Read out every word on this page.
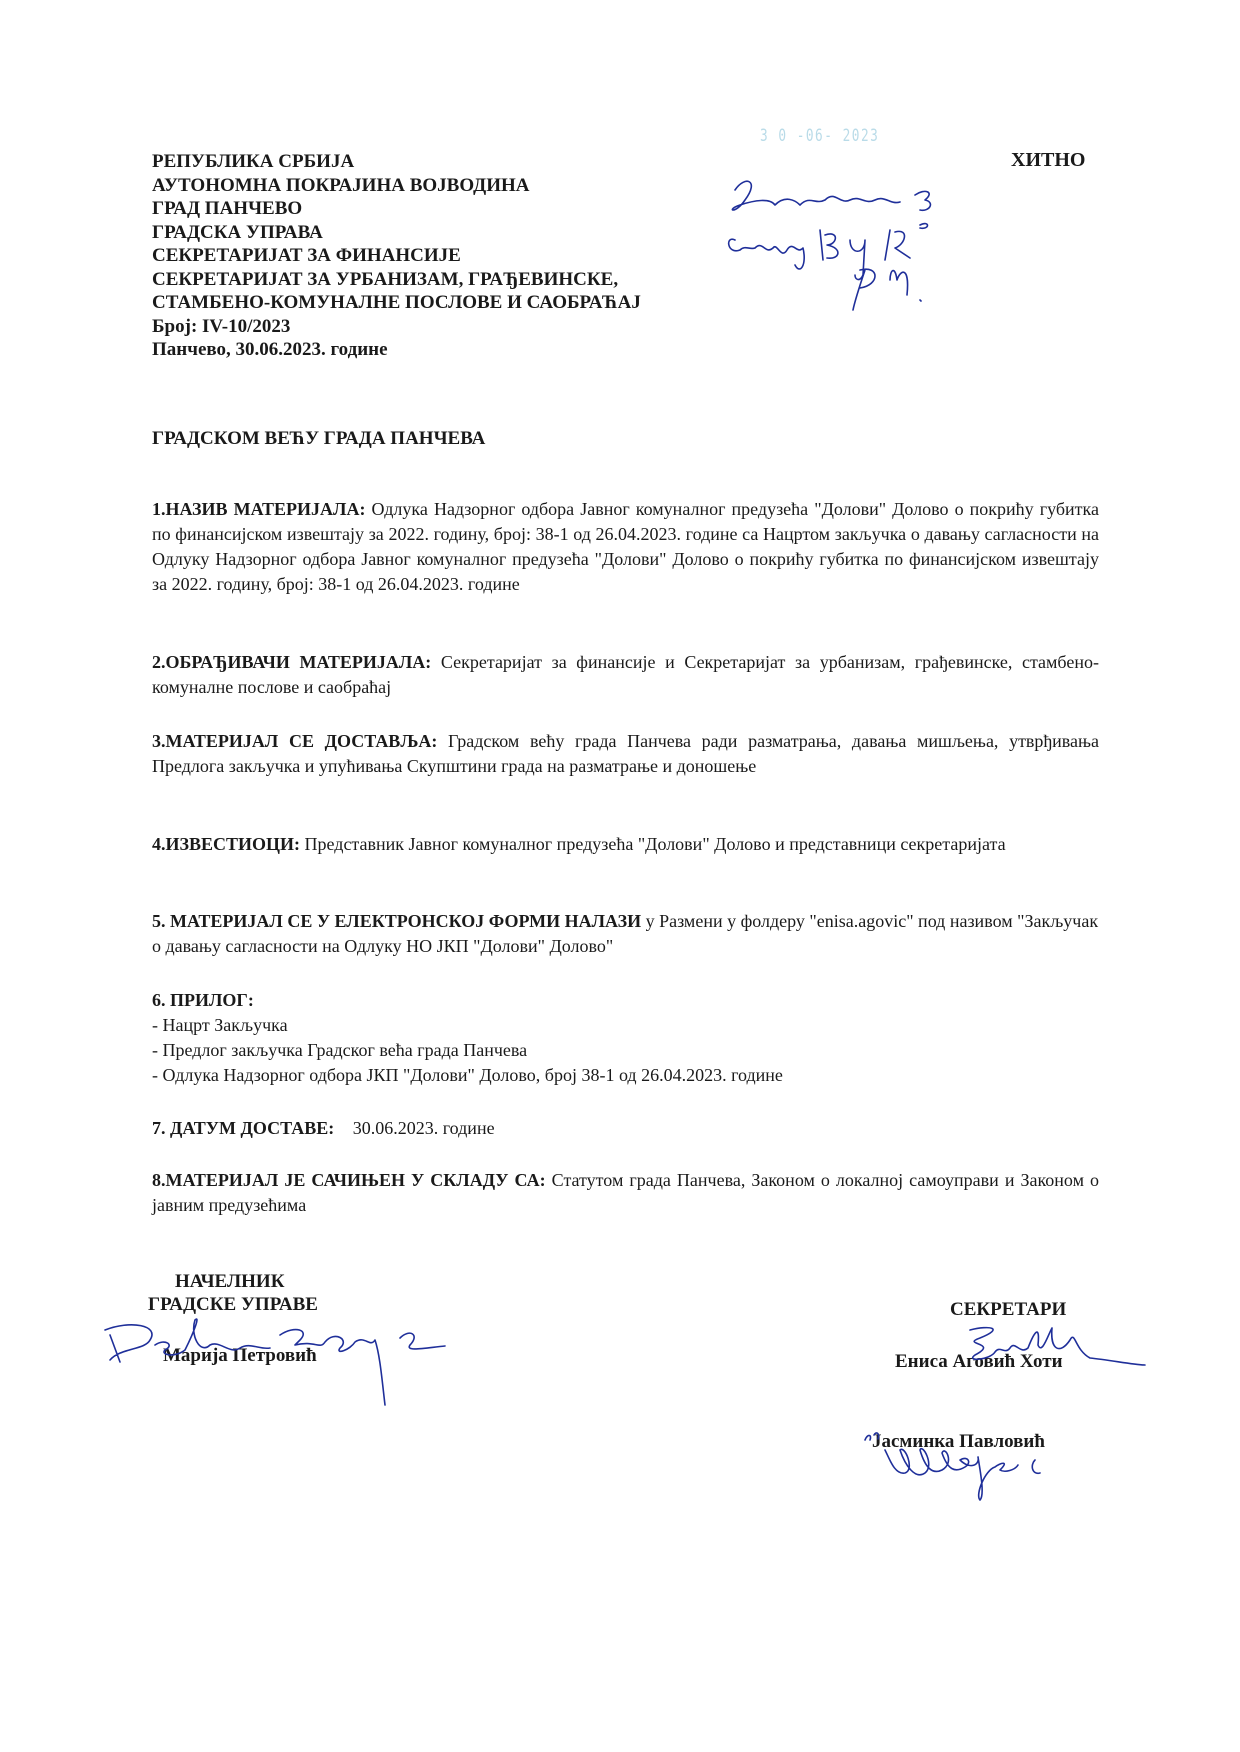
РЕПУБЛИКА СРБИЈА
АУТОНОМНА ПОКРАЈИНА ВОЈВОДИНА
ГРАД ПАНЧЕВО
ГРАДСКА УПРАВА
СЕКРЕТАРИЈАТ ЗА ФИНАНСИЈЕ
СЕКРЕТАРИЈАТ ЗА УРБАНИЗАМ, ГРАЂЕВИНСКЕ,
СТАМБЕНО-КОМУНАЛНЕ ПОСЛОВЕ И САОБРАЋАЈ
Број: IV-10/2023
Панчево, 30.06.2023. године
ХИТНО
3 0 -06- 2023
ГРАДСКОМ ВЕЋУ ГРАДА ПАНЧЕВА
1.НАЗИВ МАТЕРИЈАЛА: Одлука Надзорног одбора Јавног комуналног предузећа "Долови" Долово о покрићу губитка по финансијском извештају за 2022. годину, број: 38-1 од 26.04.2023. године са Нацртом закључка о давању сагласности на Одлуку Надзорног одбора Јавног комуналног предузећа "Долови" Долово о покрићу губитка по финансијском извештају за 2022. годину, број: 38-1 од 26.04.2023. године
2.ОБРАЂИВАЧИ МАТЕРИЈАЛА: Секретаријат за финансије и Секретаријат за урбанизам, грађевинске, стамбено-комуналне послове и саобраћај
3.МАТЕРИЈАЛ СЕ ДОСТАВЉА: Градском већу града Панчева ради разматрања, давања мишљења, утврђивања Предлога закључка и упућивања Скупштини града на разматрање и доношење
4.ИЗВЕСТИОЦИ: Представник Јавног комуналног предузећа "Долови" Долово и представници секретаријата
5. МАТЕРИЈАЛ СЕ У ЕЛЕКТРОНСКОЈ ФОРМИ НАЛАЗИ у Размени у фолдеру "enisa.agovic" под називом "Закључак о давању сагласности на Одлуку НО ЈКП "Долови" Долово"
6. ПРИЛОГ:
- Нацрт Закључка
- Предлог закључка Градског већа града Панчева
- Одлука Надзорног одбора ЈКП "Долови" Долово, број 38-1 од 26.04.2023. године
7. ДАТУМ ДОСТАВЕ: 30.06.2023. године
8.МАТЕРИЈАЛ ЈЕ САЧИЊЕН У СКЛАДУ СА: Статутом града Панчева, Законом о локалној самоуправи и Законом о јавним предузећима
НАЧЕЛНИК
ГРАДСКЕ УПРАВЕ
Марија Петровић
СЕКРЕТАРИ
Ениса Аговић Хоти
Јасминка Павловић
